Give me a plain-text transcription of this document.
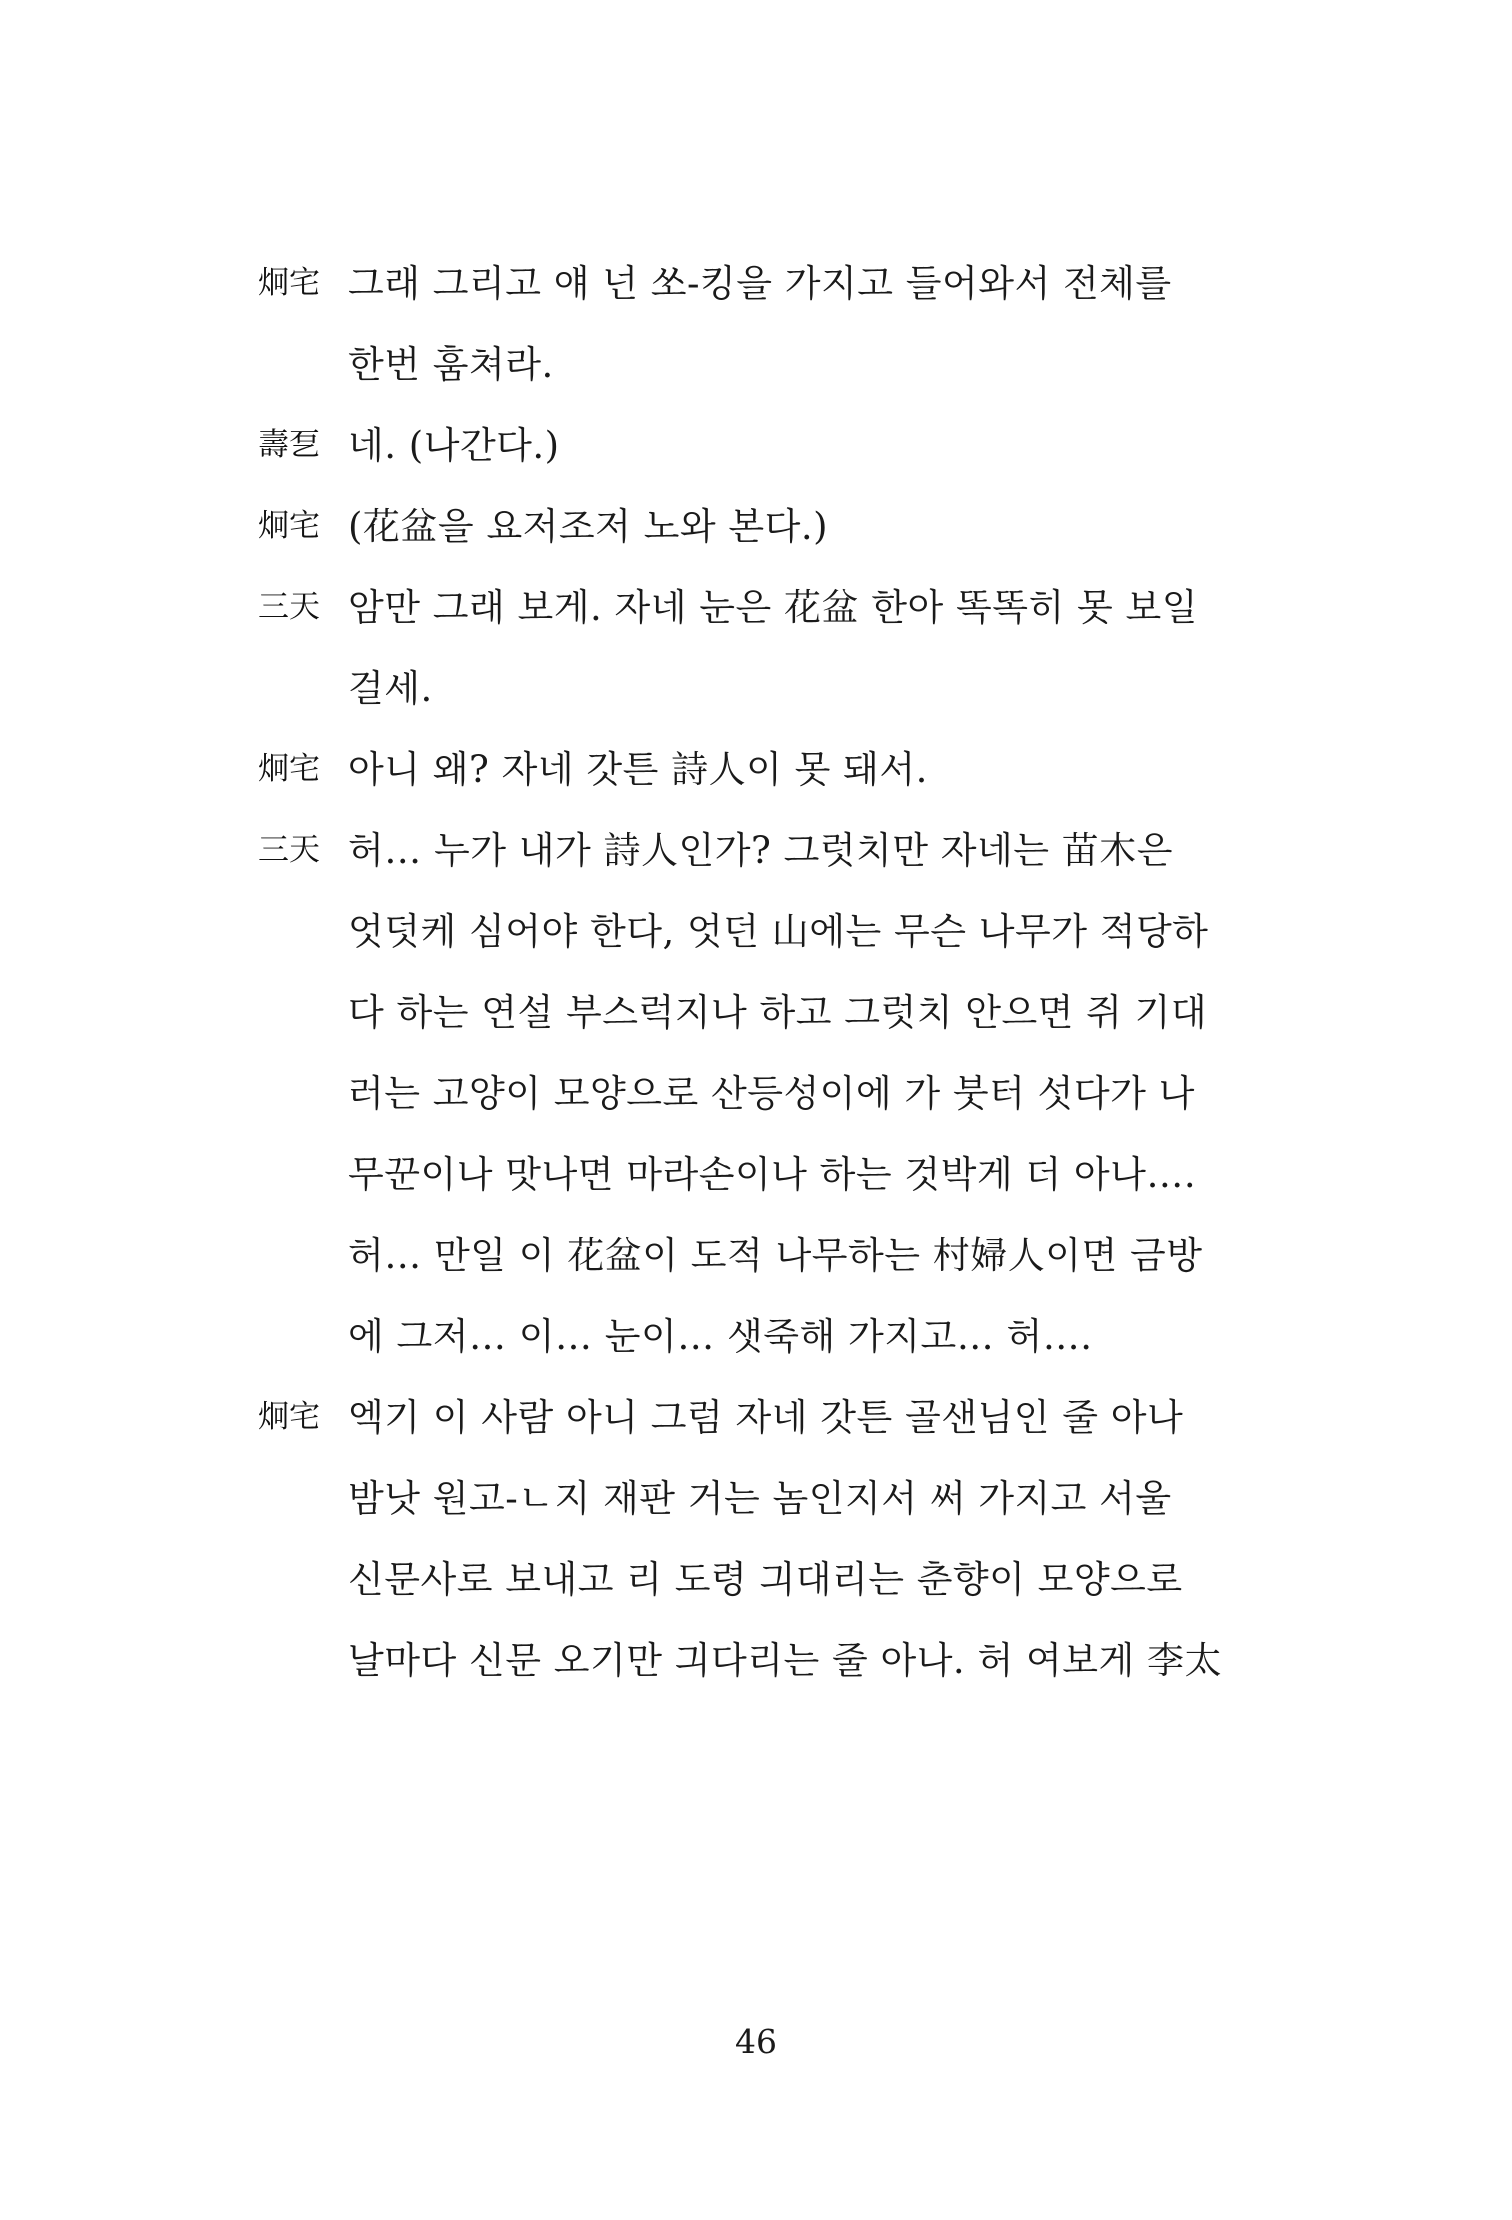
炯宅 그래 그리고 얘 넌 쏘-킹을 가지고 들어와서 전체를
한번 훔쳐라.
壽乭 네. (나간다.)
炯宅 (花盆을 요저조저 노와 본다.)
三天 암만 그래 보게. 자네 눈은 花盆 한아 똑똑히 못 보일
걸세.
炯宅 아니 왜? 자네 갓튼 詩人이 못 돼서.
三天 허… 누가 내가 詩人인가? 그럿치만 자네는 苗木은
엇덧케 심어야 한다, 엇던 山에는 무슨 나무가 적당하
다 하는 연설 부스럭지나 하고 그럿치 안으면 쥐 기대
러는 고양이 모양으로 산등성이에 가 붓터 섯다가 나
무꾼이나 맛나면 마라손이나 하는 것박게 더 아나….
허… 만일 이 花盆이 도적 나무하는 村婦人이면 금방
에 그저… 이… 눈이… 샛죽해 가지고… 허….
炯宅 엑기 이 사람 아니 그럼 자네 갓튼 골샌님인 줄 아나
밤낫 원고-ㄴ지 재판 거는 놈인지서 써 가지고 서울
신문사로 보내고 리 도령 긔대리는 춘향이 모양으로
날마다 신문 오기만 긔다리는 줄 아나. 허 여보게 李太
46
